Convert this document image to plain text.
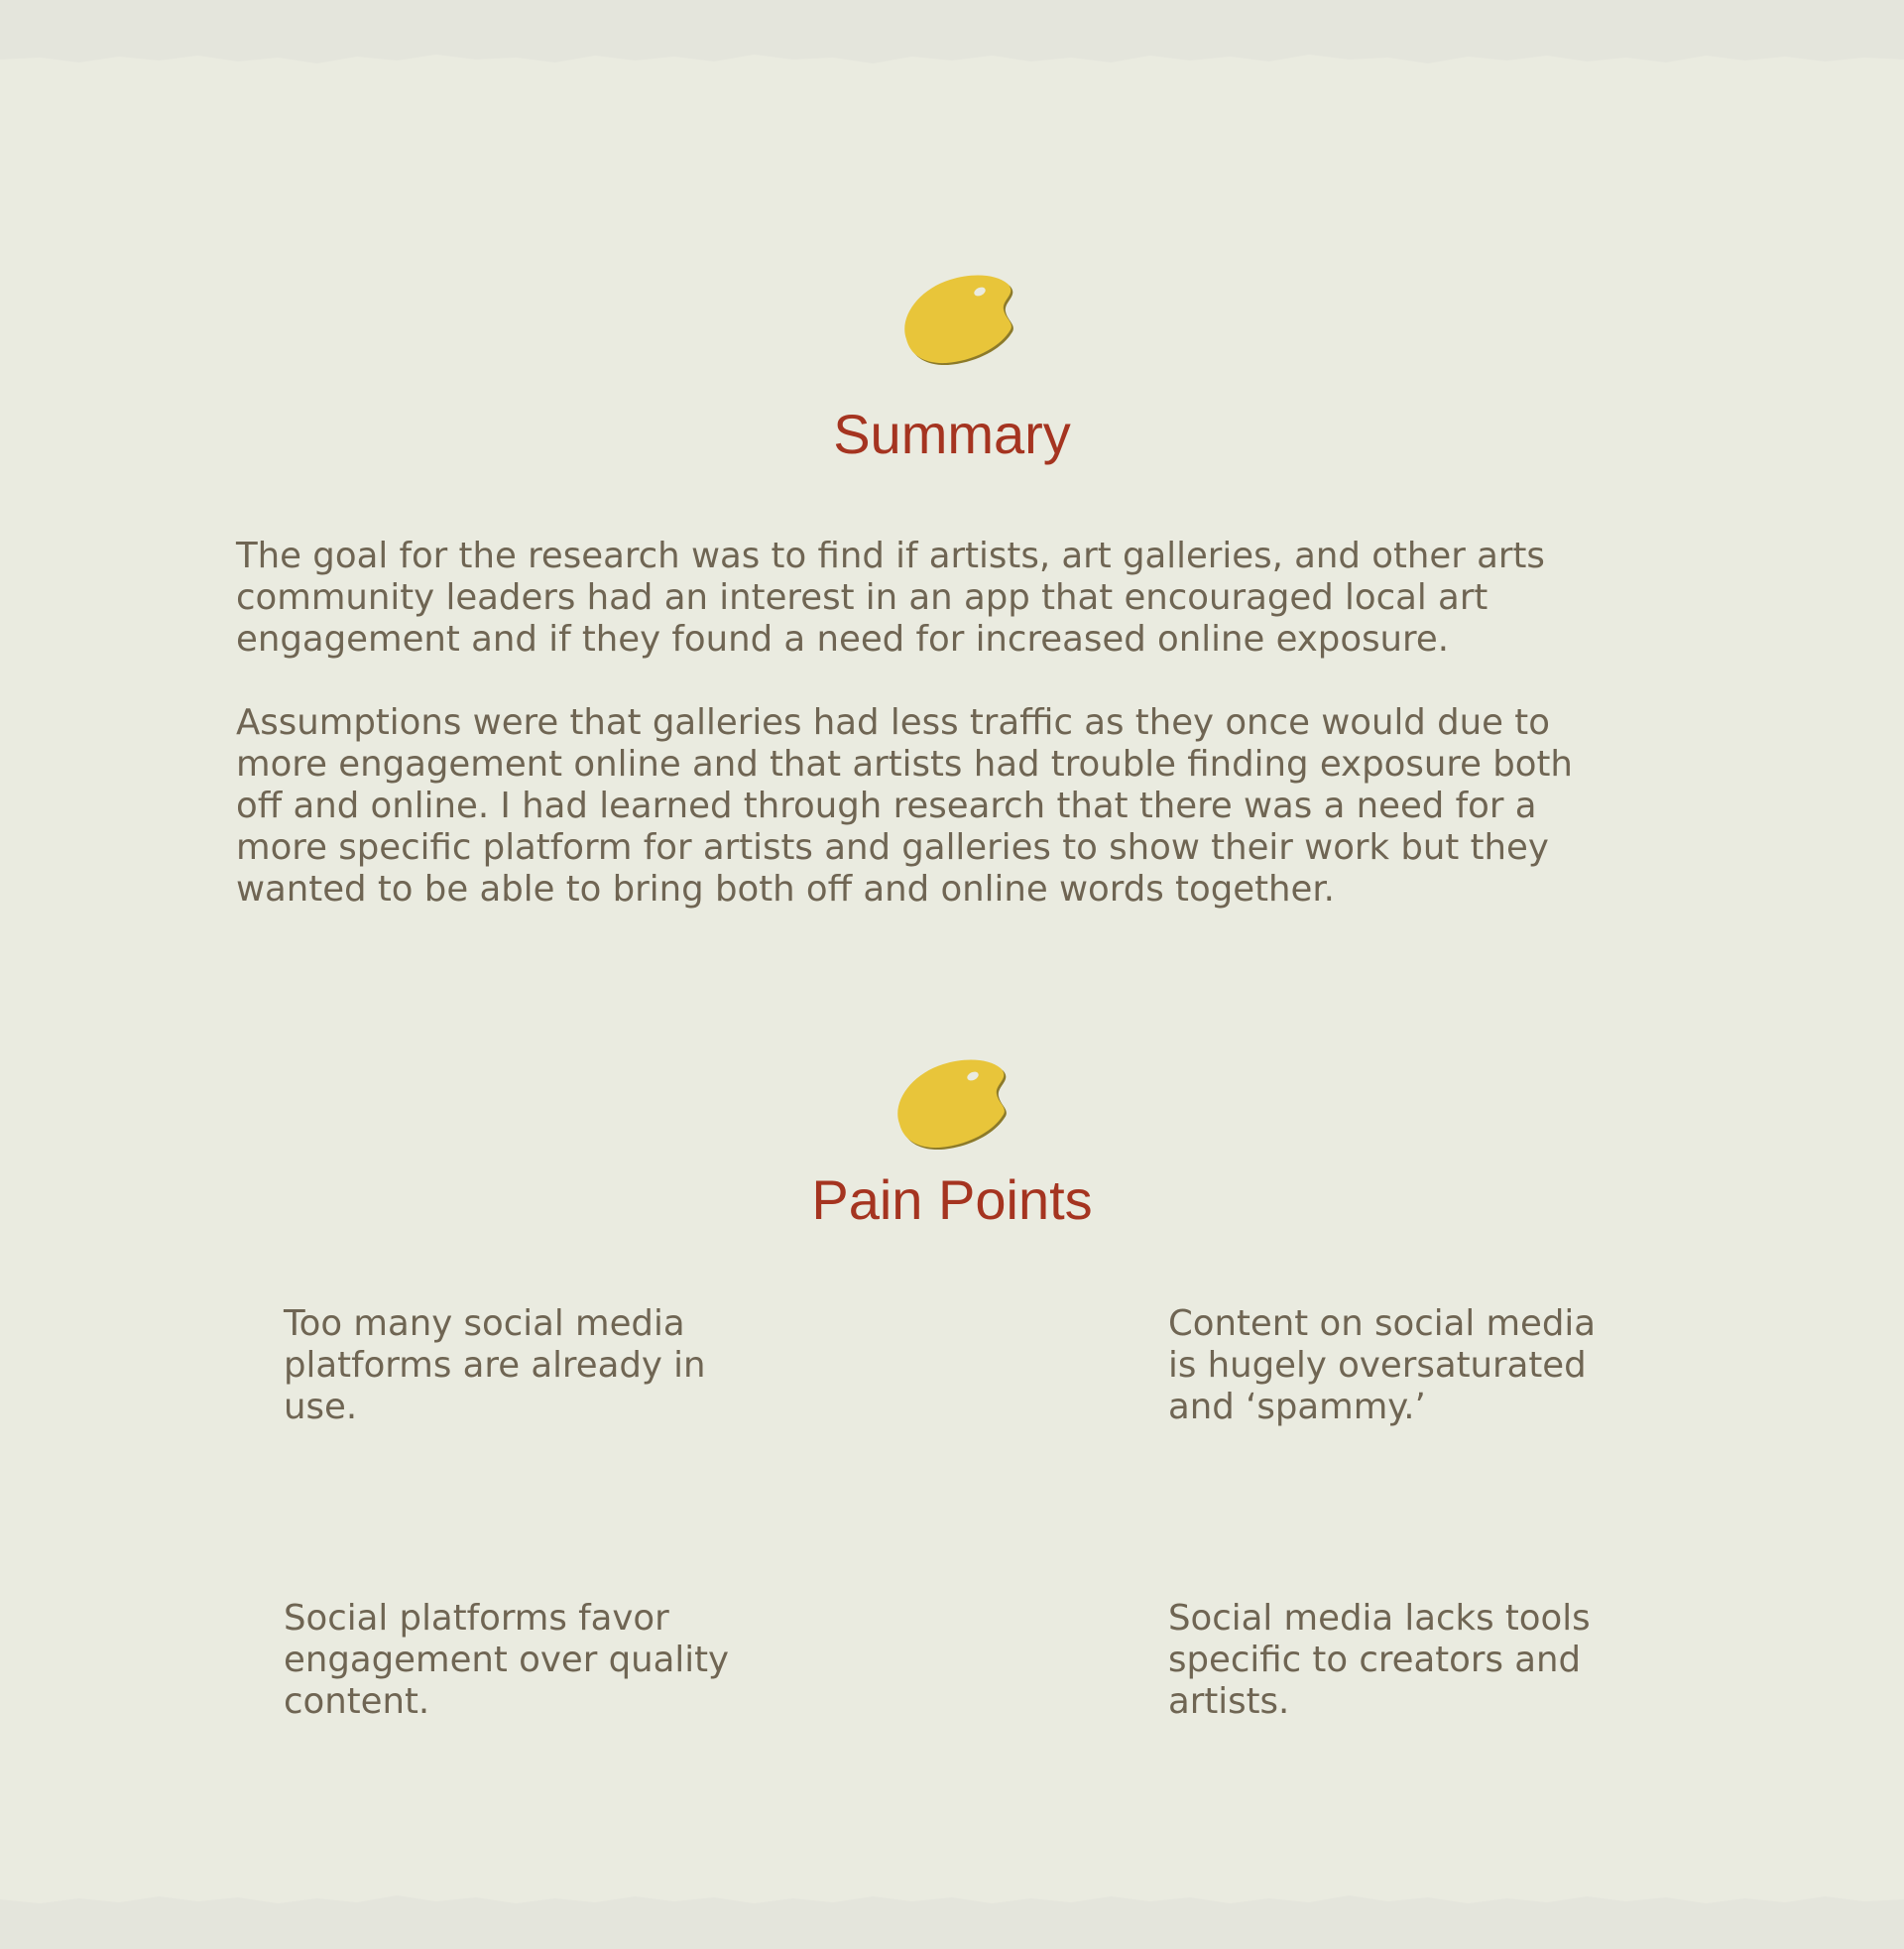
Summary

The goal for the research was to find if artists, art galleries, and other arts
community leaders had an interest in an app that encouraged local art
engagement and if they found a need for increased online exposure.

Assumptions were that galleries had less traffic as they once would due to
more engagement online and that artists had trouble finding exposure both
off and online. I had learned through research that there was a need for a
more specific platform for artists and galleries to show their work but they
wanted to be able to bring both off and online words together.

Pain Points

Too many social media
platforms are already in
use.

Content on social media
is hugely oversaturated
and ‘spammy.’

Social platforms favor
engagement over quality
content.

Social media lacks tools
specific to creators and
artists.
